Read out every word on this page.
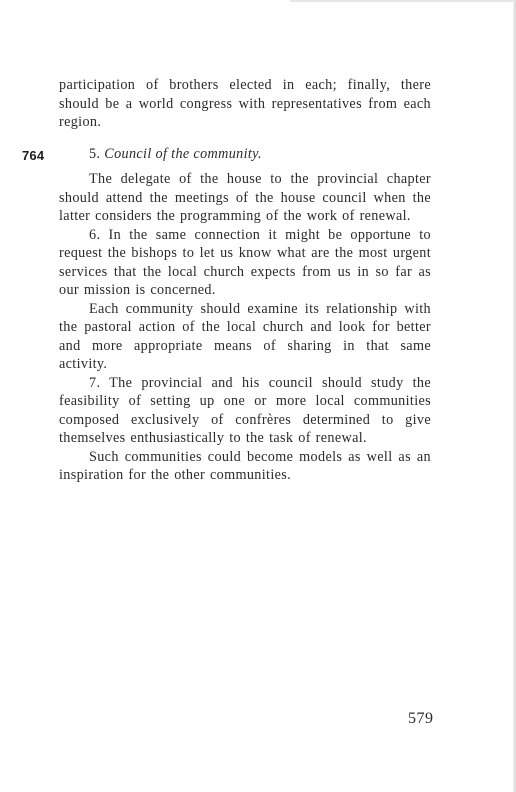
participation of brothers elected in each; finally, there should be a world congress with representatives from each region.

764	5. Council of the community.

The delegate of the house to the provincial chapter should attend the meetings of the house council when the latter considers the programming of the work of renewal.

6. In the same connection it might be opportune to request the bishops to let us know what are the most urgent services that the local church expects from us in so far as our mission is concerned.

Each community should examine its relationship with the pastoral action of the local church and look for better and more appropriate means of sharing in that same activity.

7. The provincial and his council should study the feasibility of setting up one or more local communities composed exclusively of confrères determined to give themselves enthusiastically to the task of renewal.

Such communities could become models as well as an inspiration for the other communities.

579
